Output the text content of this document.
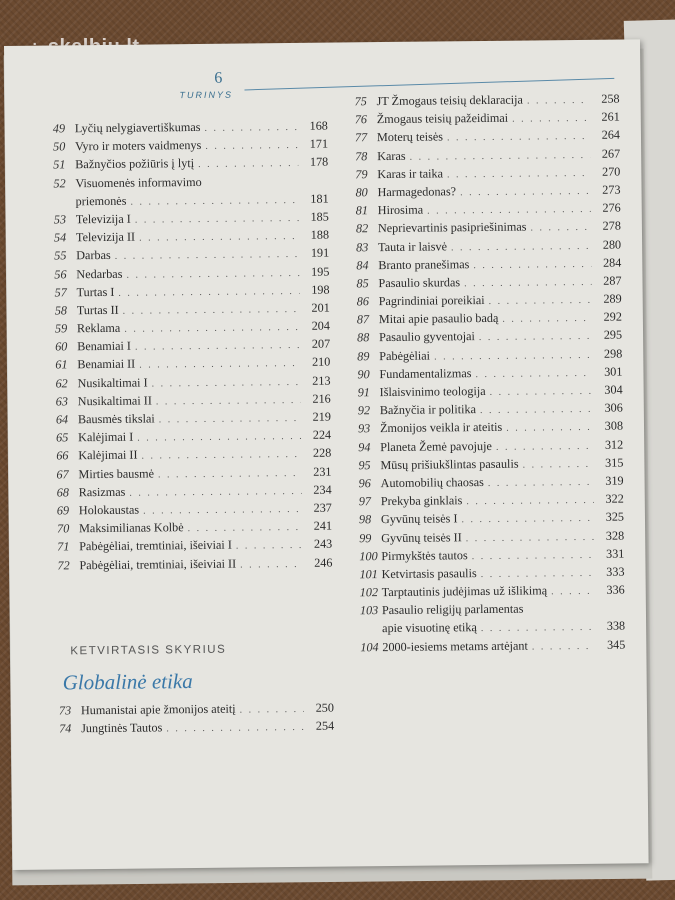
6
TURINYS
49 Lyčių nelygiavertiškumas . . .	168
50 Vyro ir moters vaidmenys . . .	171
51 Bažnyčios požiūris į lytį . . .	178
52 Visuomenės informavimo
priemonės . . .	181
53 Televizija I . . .	185
54 Televizija II . . .	188
55 Darbas . . .	191
56 Nedarbas . . .	195
57 Turtas I . . .	198
58 Turtas II . . .	201
59 Reklama . . .	204
60 Benamiai I . . .	207
61 Benamiai II . . .	210
62 Nusikaltimai I . . .	213
63 Nusikaltimai II . . .	216
64 Bausmės tikslai . . .	219
65 Kalėjimai I . . .	224
66 Kalėjimai II . . .	228
67 Mirties bausmė . . .	231
68 Rasizmas . . .	234
69 Holokaustas . . .	237
70 Maksimilianas Kolbė . . .	241
71 Pabėgėliai, tremtiniai, išeiviai I . . .	243
72 Pabėgėliai, tremtiniai, išeiviai II . . .	246
KETVIRTASIS SKYRIUS
Globalinė etika
73 Humanistai apie žmonijos ateitį . . .	250
74 Jungtinės Tautos . . .	254
75 JT Žmogaus teisių deklaracija . . .	258
76 Žmogaus teisių pažeidimai . . .	261
77 Moterų teisės . . .	264
78 Karas . . .	267
79 Karas ir taika . . .	270
80 Harmagedonas? . . .	273
81 Hirosima . . .	276
82 Neprievartinis pasipriešinimas . . .	278
83 Tauta ir laisvė . . .	280
84 Branto pranešimas . . .	284
85 Pasaulio skurdas . . .	287
86 Pagrindiniai poreikiai . . .	289
87 Mitai apie pasaulio badą . . .	292
88 Pasaulio gyventojai . . .	295
89 Pabėgėliai . . .	298
90 Fundamentalizmas . . .	301
91 Išlaisvinimo teologija . . .	304
92 Bažnyčia ir politika . . .	306
93 Žmonijos veikla ir ateitis . . .	308
94 Planeta Žemė pavojuje . . .	312
95 Mūsų prišiukšlintas pasaulis . . .	315
96 Automobilių chaosas . . .	319
97 Prekyba ginklais . . .	322
98 Gyvūnų teisės I . . .	325
99 Gyvūnų teisės II . . .	328
100 Pirmykštės tautos . . .	331
101 Ketvirtasis pasaulis . . .	333
102 Tarptautinis judėjimas už išlikimą . . .	336
103 Pasaulio religijų parlamentas
apie visuotinę etiką . . .	338
104 2000-iesiems metams artėjant . . .	345
